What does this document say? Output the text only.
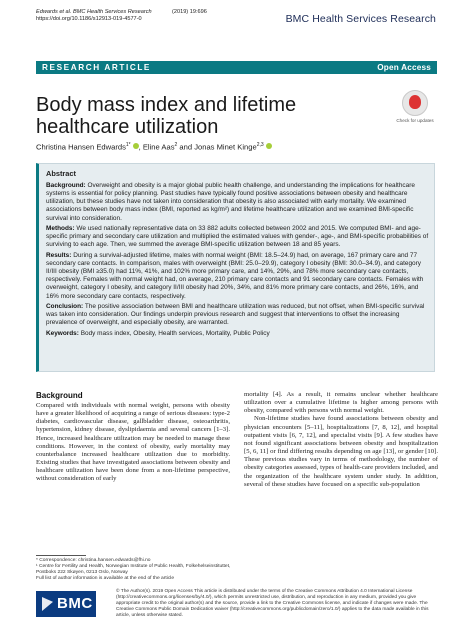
Edwards et al. BMC Health Services Research
https://doi.org/10.1186/s12913-019-4577-0
(2019) 19:696
BMC Health Services Research
RESEARCH ARTICLE	Open Access
Body mass index and lifetime healthcare utilization	Check for updates
Christina Hansen Edwards$^{1*}$ , Eline Aas$^2$ and Jonas Minet Kinge$^{2,3}$
Abstract

Background: Overweight and obesity is a major global public health challenge, and understanding the implications for healthcare systems is essential for policy planning. Past studies have typically found positive associations between obesity and healthcare utilization, but these studies have not taken into consideration that obesity is also associated with early mortality. We examined associations between body mass index (BMI, reported as kg/m²) and lifetime healthcare utilization and we examined BMI-specific survival into consideration.

Methods: We used nationally representative data on 33 882 adults collected between 2002 and 2015. We computed BMI- and age-specific primary and secondary care utilization and multiplied the estimated values with gender-, age-, and BMI-specific probabilities of surviving to each age. Then, we summed the average BMI-specific utilization between 18 and 85 years.

Results: During a survival-adjusted lifetime, males with normal weight (BMI: 18.5–24.9) had, on average, 167 primary care and 77 secondary care contacts. In comparison, males with overweight (BMI: 25.0–29.9), category I obesity (BMI: 30.0–34.9), and category II/III obesity (BMI ≥35.0) had 11%, 41%, and 102% more primary care, and 14%, 29%, and 78% more secondary care contacts, respectively. Females with normal weight had, on average, 210 primary care contacts and 91 secondary care contacts. Females with overweight, category I obesity, and category II/III obesity had 20%, 34%, and 81% more primary care contacts, and 26%, 16%, and 16% more secondary care contacts, respectively.

Conclusion: The positive association between BMI and healthcare utilization was reduced, but not offset, when BMI-specific survival was taken into consideration. Our findings underpin previous research and suggest that interventions to offset the increasing prevalence of overweight, and especially obesity, are warranted.

Keywords: Body mass index, Obesity, Health services, Mortality, Public Policy

Background

Compared with individuals with normal weight, persons with obesity have a greater likelihood of acquiring a range of serious diseases: type-2 diabetes, cardiovascular disease, gallbladder disease, osteoarthritis, hypertension, kidney disease, dyslipidaemia and several cancers [1–3]. Hence, increased healthcare utilization may be needed to manage these conditions. However, in the context of obesity, early mortality may counterbalance increased healthcare utilization due to morbidity. Existing studies that have investigated associations between obesity and healthcare utilization have been done from a non-lifetime perspective, without consideration of early

mortality [4]. As a result, it remains unclear whether healthcare utilization over a cumulative lifetime is higher among persons with obesity, compared with persons with normal weight.

Non-lifetime studies have found associations between obesity and physician encounters [5–11], hospitalizations [7, 8, 12], and hospital outpatient visits [6, 7, 12], and specialist visits [9]. A few studies have not found significant associations between obesity and hospitalization [5, 6, 11] or find differing results depending on age [13], or gender [10]. These previous studies vary in terms of methodology, the number of obesity categories assessed, types of health-care providers included, and the organization of the healthcare system under study. In addition, several of these studies have focused on a specific sub-population

* Correspondence: christina.hansen.edwards@fhi.no
¹ Centre for Fertility and Health, Norwegian Institute of Public Health, Folkehelseinstituttet, Postboks 222 Skøyen, 0213 Oslo, Norway
Full list of author information is available at the end of the article
BMC
© The Author(s). 2019 Open Access This article is distributed under the terms of the Creative Commons Attribution 4.0 International License (http://creativecommons.org/licenses/by/4.0/), which permits unrestricted use, distribution, and reproduction in any medium, provided you give appropriate credit to the original author(s) and the source, provide a link to the Creative Commons license, and indicate if changes were made. The Creative Commons Public Domain Dedication waiver (http://creativecommons.org/publicdomain/zero/1.0/) applies to the data made available in this article, unless otherwise stated.
